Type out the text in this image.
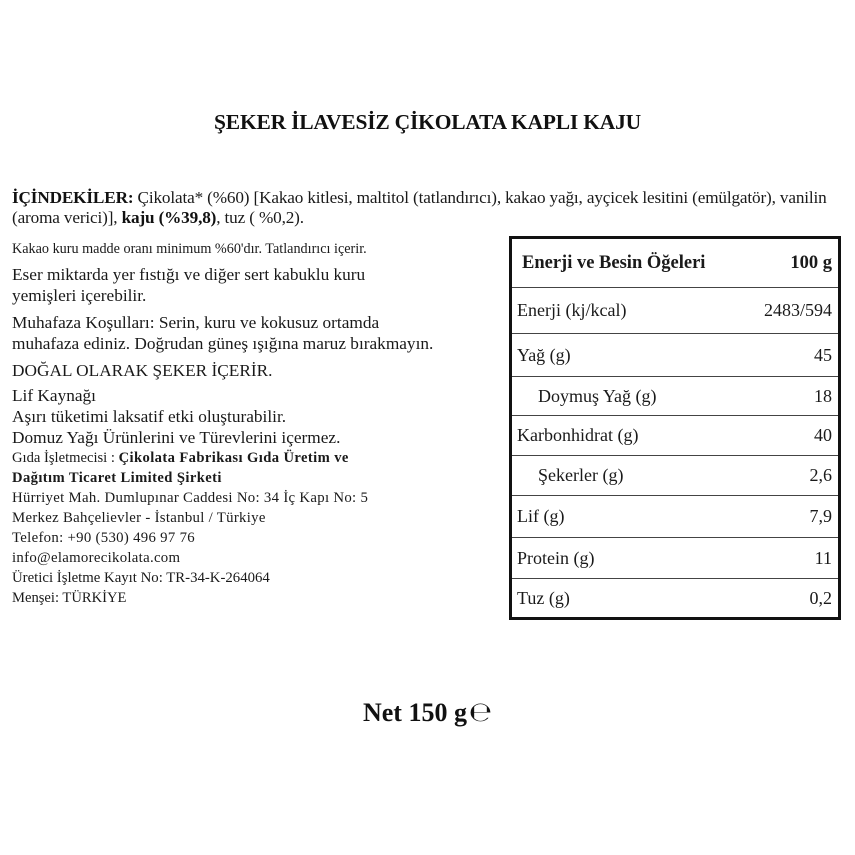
ŞEKER İLAVESİZ ÇİKOLATA KAPLI KAJU
İÇİNDEKİLER: Çikolata* (%60) [Kakao kitlesi, maltitol (tatlandırıcı), kakao yağı, ayçicek lesitini (emülgatör), vanilin (aroma verici)], kaju (%39,8), tuz ( %0,2).
Kakao kuru madde oranı minimum %60'dır. Tatlandırıcı içerir.
Eser miktarda yer fıstığı ve diğer sert kabuklu kuru
yemişleri içerebilir.
Muhafaza Koşulları: Serin, kuru ve kokusuz ortamda
muhafaza ediniz. Doğrudan güneş ışığına maruz bırakmayın.
DOĞAL OLARAK ŞEKER İÇERİR.
Lif Kaynağı
Aşırı tüketimi laksatif etki oluşturabilir.
Domuz Yağı Ürünlerini ve Türevlerini içermez.
Gıda İşletmecisi : Çikolata Fabrikası Gıda Üretim ve
Dağıtım Ticaret Limited Şirketi
Hürriyet Mah. Dumlupınar Caddesi No: 34 İç Kapı No: 5
Merkez Bahçelievler - İstanbul / Türkiye
Telefon: +90 (530) 496 97 76
info@elamorecikolata.com
Üretici İşletme Kayıt No: TR-34-K-264064
Menşei: TÜRKİYE
Enerji ve Besin Öğeleri	100 g
Enerji (kj/kcal)	2483/594
Yağ (g)	45
Doymuş Yağ (g)	18
Karbonhidrat (g)	40
Şekerler (g)	2,6
Lif (g)	7,9
Protein (g)	11
Tuz (g)	0,2
Net 150 g℮
